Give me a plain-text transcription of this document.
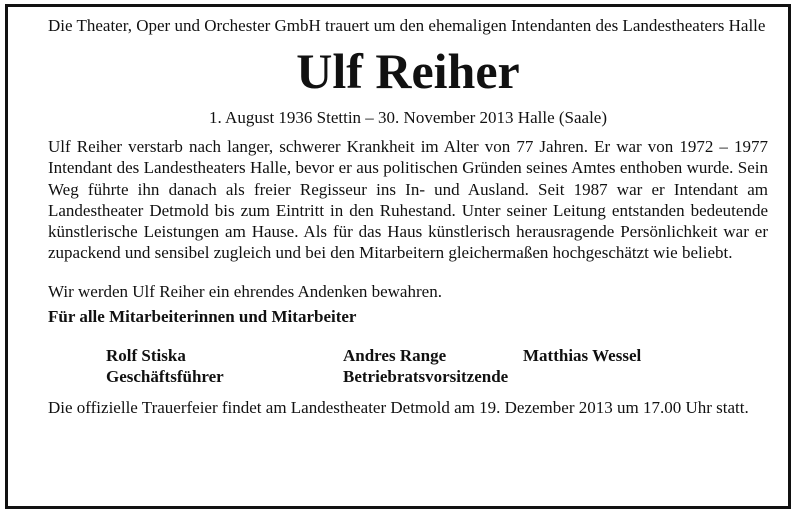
Die Theater, Oper und Orchester GmbH trauert um den ehemaligen Intendanten des Landestheaters Halle

Ulf Reiher

1. August 1936 Stettin – 30. November 2013 Halle (Saale)

Ulf Reiher verstarb nach langer, schwerer Krankheit im Alter von 77 Jahren. Er war von 1972 – 1977 Intendant des Landestheaters Halle, bevor er aus politischen Gründen seines Amtes enthoben wurde. Sein Weg führte ihn danach als freier Regisseur ins In- und Ausland. Seit 1987 war er Intendant am Landestheater Detmold bis zum Eintritt in den Ruhestand. Unter seiner Leitung entstanden bedeutende künstlerische Leistungen am Hause. Als für das Haus künstlerisch herausragende Persönlichkeit war er zupackend und sensibel zugleich und bei den Mitarbeitern gleichermaßen hochgeschätzt wie beliebt.

Wir werden Ulf Reiher ein ehrendes Andenken bewahren.

Für alle Mitarbeiterinnen und Mitarbeiter

Rolf Stiska
Geschäftsführer
Andres Range
Betriebratsvorsitzende
Matthias Wessel

Die offizielle Trauerfeier findet am Landestheater Detmold am 19. Dezember 2013 um 17.00 Uhr statt.
